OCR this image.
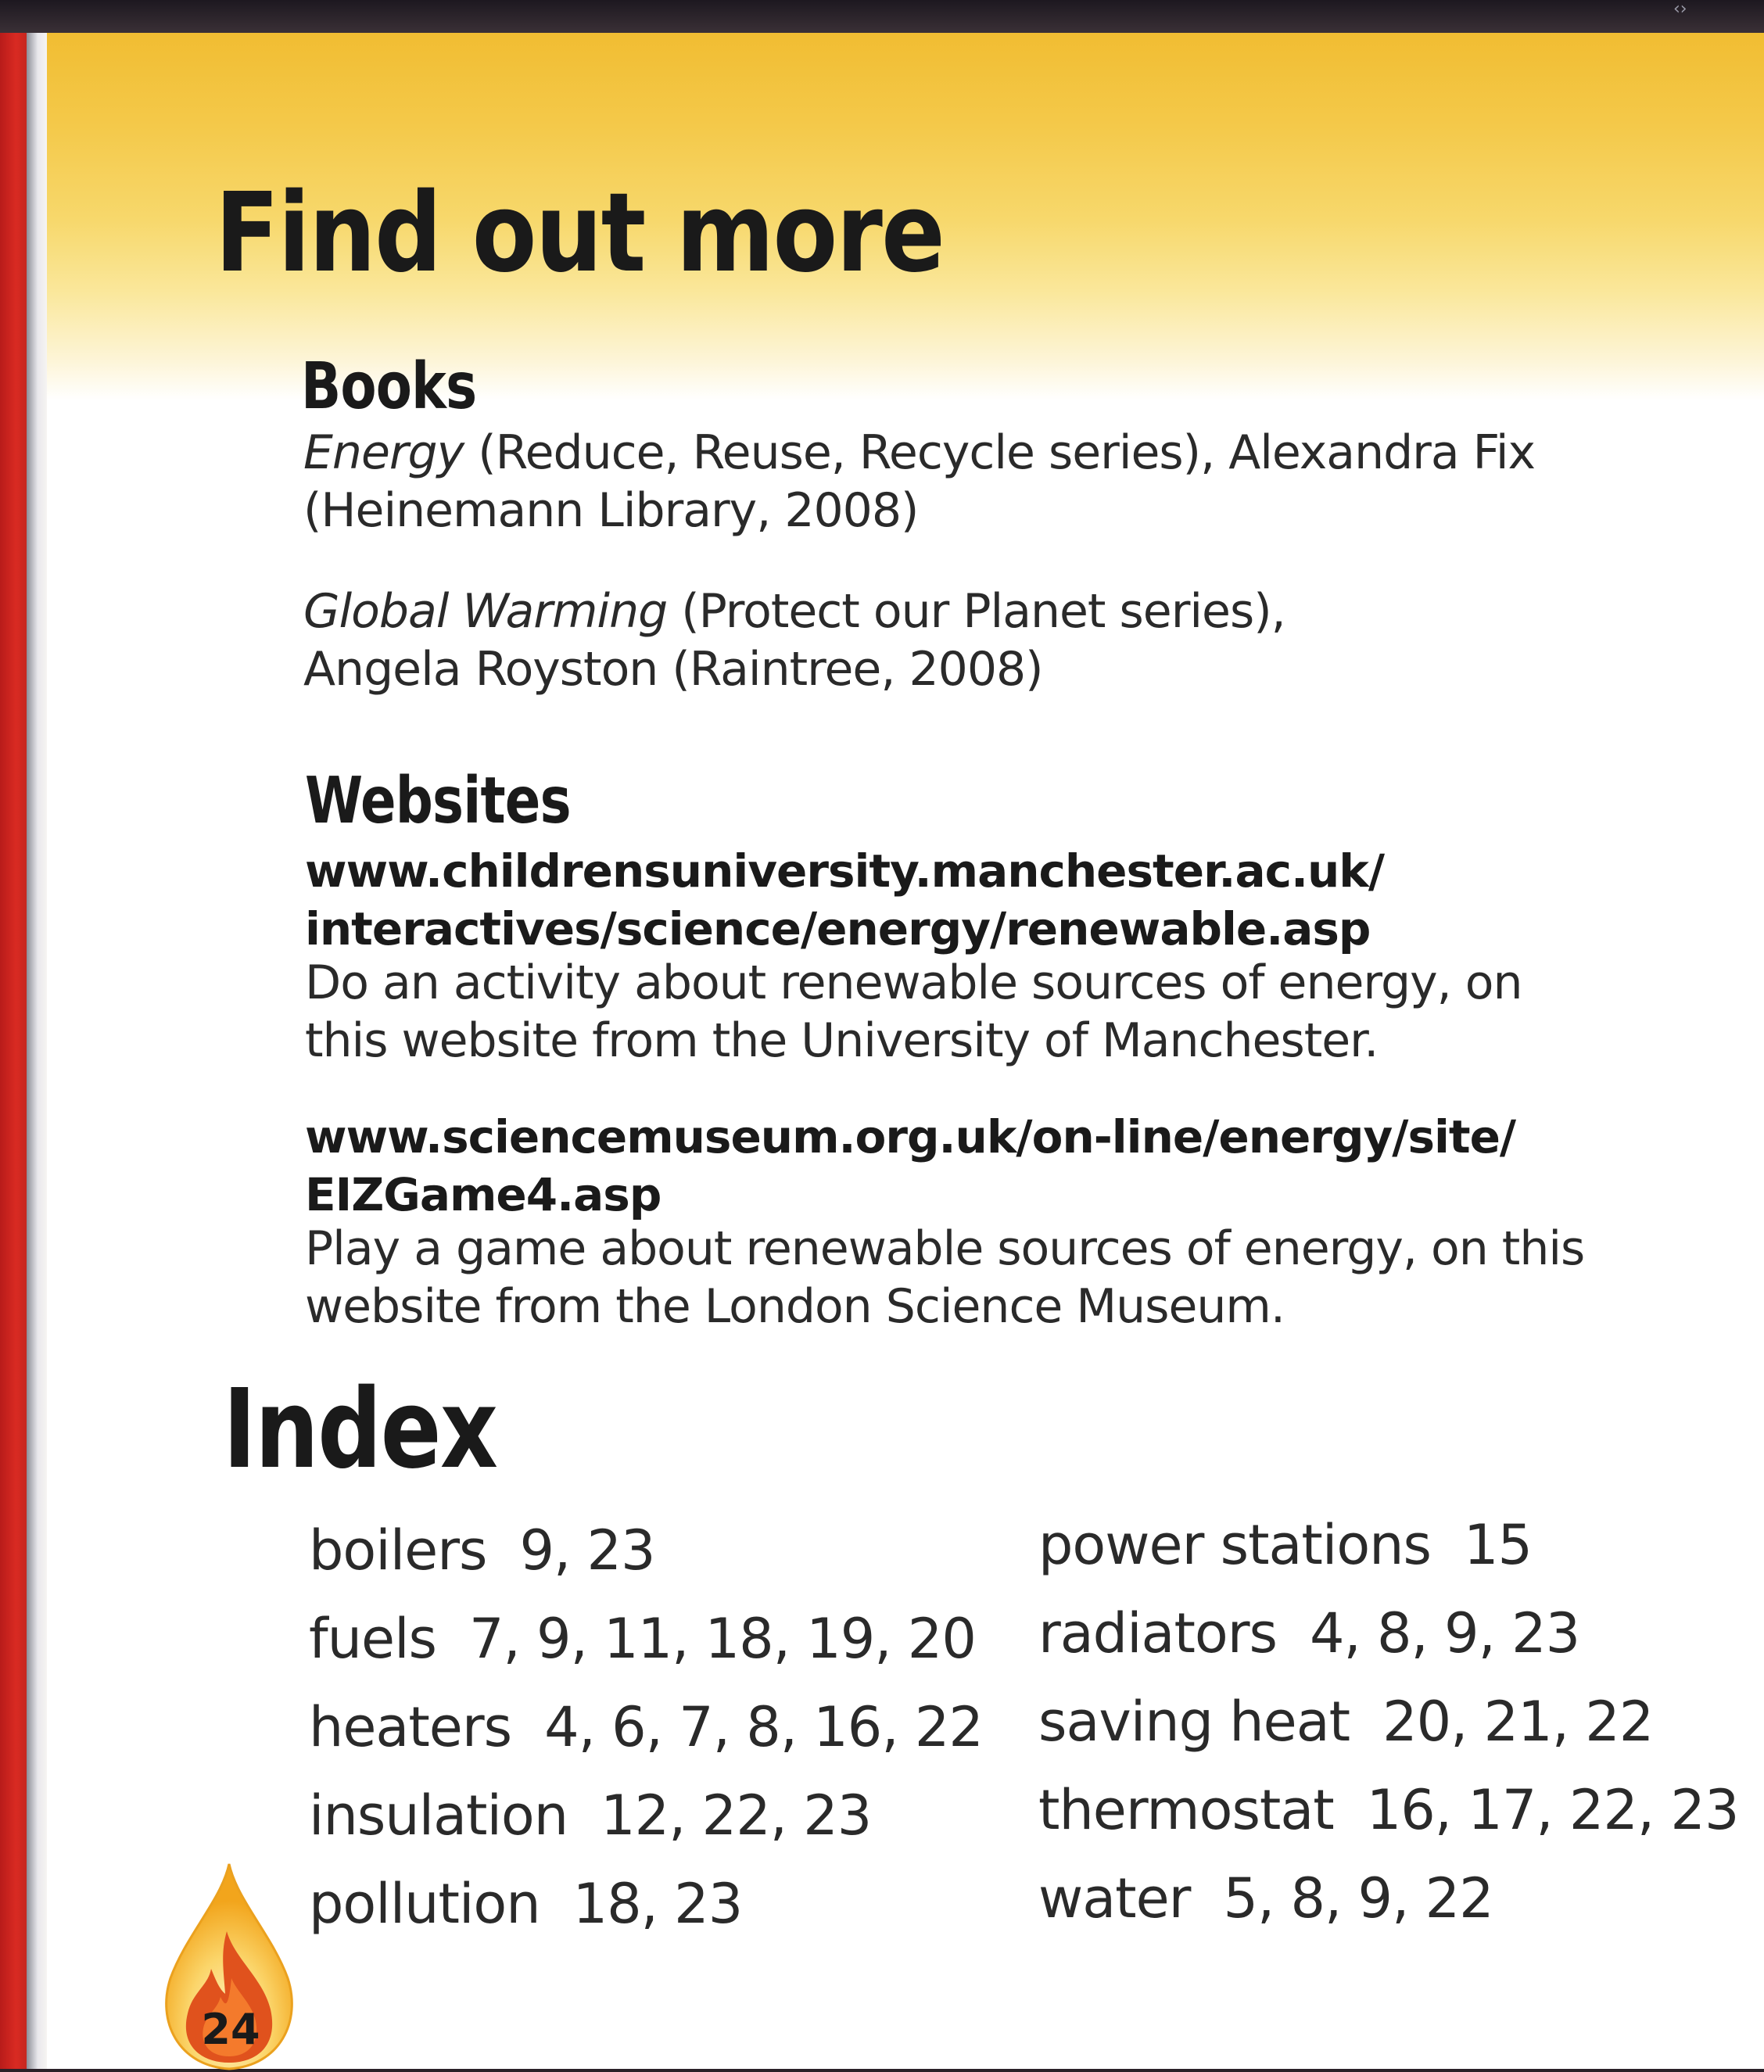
‹›
Find out more
Books

Energy (Reduce, Reuse, Recycle series), Alexandra Fix
(Heinemann Library, 2008)

Global Warming (Protect our Planet series),
Angela Royston (Raintree, 2008)

Websites

www.childrensuniversity.manchester.ac.uk/
interactives/science/energy/renewable.asp

Do an activity about renewable sources of energy, on
this website from the University of Manchester.

www.sciencemuseum.org.uk/on-line/energy/site/
EIZGame4.asp

Play a game about renewable sources of energy, on this
website from the London Science Museum.

Index
boilers 9, 23
fuels 7, 9, 11, 18, 19, 20
heaters 4, 6, 7, 8, 16, 22
insulation 12, 22, 23
pollution 18, 23
power stations 15
radiators 4, 8, 9, 23
saving heat 20, 21, 22
thermostat 16, 17, 22, 23
water 5, 8, 9, 22
24
